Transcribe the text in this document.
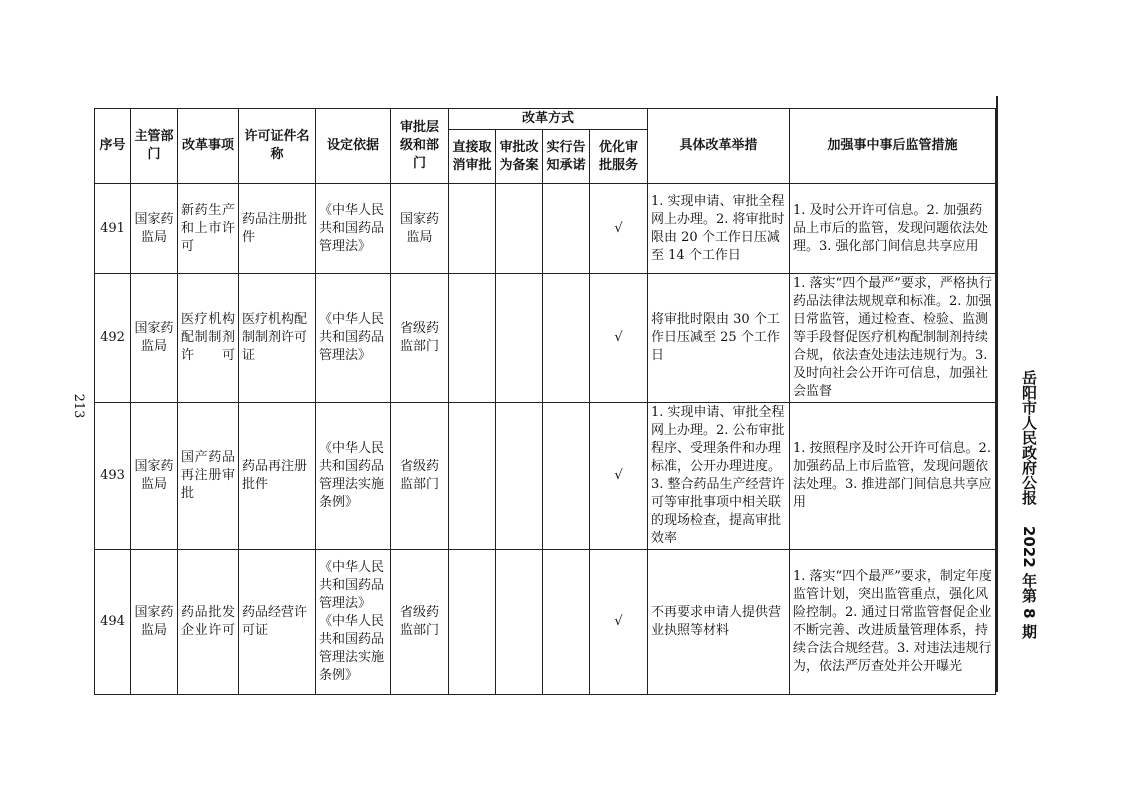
213
序号	主管部门	改革事项	许可证件名称	设定依据	审批层级和部门	改革方式				具体改革举措	加强事中事后监管措施
						直接取消审批	审批改为备案	实行告知承诺	优化审批服务		
491	国家药监局	新药生产和上市许可	药品注册批件	《中华人民共和国药品管理法》	国家药监局				√	1. 实现申请、审批全程网上办理。2. 将审批时限由 20 个工作日压减至 14 个工作日	1. 及时公开许可信息。2. 加强药品上市后的监管，发现问题依法处理。3. 强化部门间信息共享应用
492	国家药监局	医疗机构配制制剂许可	医疗机构配制制剂许可证	《中华人民共和国药品管理法》	省级药监部门				√	将审批时限由 30 个工作日压减至 25 个工作日	1. 落实“四个最严”要求，严格执行药品法律法规规章和标准。2. 加强日常监管，通过检查、检验、监测等手段督促医疗机构配制制剂持续合规，依法查处违法违规行为。3. 及时向社会公开许可信息，加强社会监督
493	国家药监局	国产药品再注册审批	药品再注册批件	《中华人民共和国药品管理法实施条例》	省级药监部门				√	1. 实现申请、审批全程网上办理。2. 公布审批程序、受理条件和办理标准，公开办理进度。3. 整合药品生产经营许可等审批事项中相关联的现场检查，提高审批效率	1. 按照程序及时公开许可信息。2. 加强药品上市后监管，发现问题依法处理。3. 推进部门间信息共享应用
494	国家药监局	药品批发企业许可	药品经营许可证	《中华人民共和国药品管理法》《中华人民共和国药品管理法实施条例》	省级药监部门				√	不再要求申请人提供营业执照等材料	1. 落实“四个最严”要求，制定年度监管计划，突出监管重点，强化风险控制。2. 通过日常监管督促企业不断完善、改进质量管理体系，持续合法合规经营。3. 对违法违规行为，依法严厉查处并公开曝光
岳阳市人民政府公报    2022 年第 8 期
